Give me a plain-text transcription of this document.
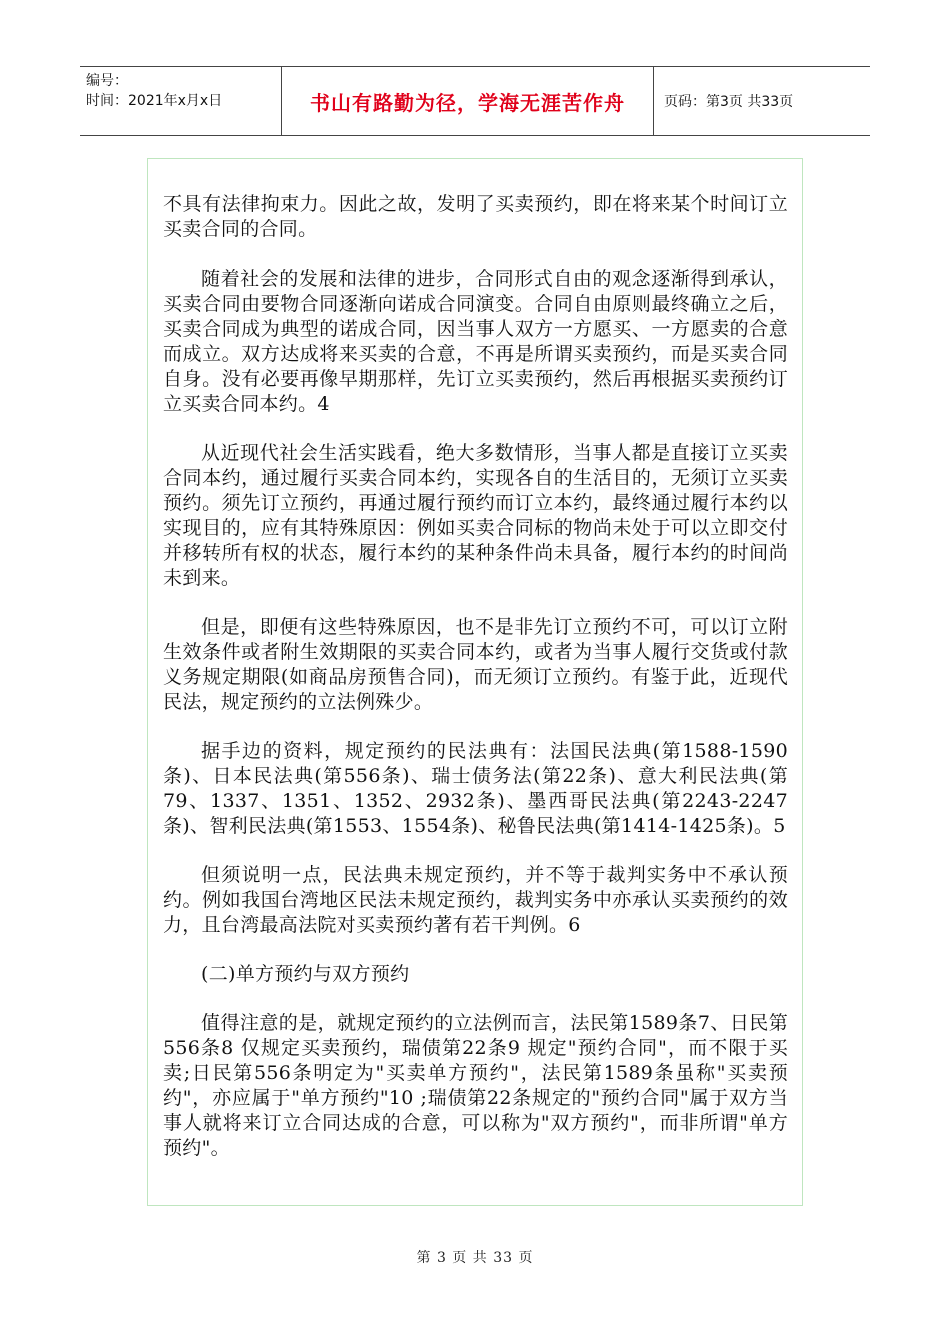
编号：
时间：2021年x月x日	书山有路勤为径，学海无涯苦作舟	页码：第3页 共33页

不具有法律拘束力。因此之故，发明了买卖预约，即在将来某个时间订立买卖合同的合同。

随着社会的发展和法律的进步，合同形式自由的观念逐渐得到承认，买卖合同由要物合同逐渐向诺成合同演变。合同自由原则最终确立之后，买卖合同成为典型的诺成合同，因当事人双方一方愿买、一方愿卖的合意而成立。双方达成将来买卖的合意，不再是所谓买卖预约，而是买卖合同自身。没有必要再像早期那样，先订立买卖预约，然后再根据买卖预约订立买卖合同本约。4

从近现代社会生活实践看，绝大多数情形，当事人都是直接订立买卖合同本约，通过履行买卖合同本约，实现各自的生活目的，无须订立买卖预约。须先订立预约，再通过履行预约而订立本约，最终通过履行本约以实现目的，应有其特殊原因：例如买卖合同标的物尚未处于可以立即交付并移转所有权的状态，履行本约的某种条件尚未具备，履行本约的时间尚未到来。

但是，即便有这些特殊原因，也不是非先订立预约不可，可以订立附生效条件或者附生效期限的买卖合同本约，或者为当事人履行交货或付款义务规定期限(如商品房预售合同)，而无须订立预约。有鉴于此，近现代民法，规定预约的立法例殊少。

据手边的资料，规定预约的民法典有：法国民法典(第1588-1590条)、日本民法典(第556条)、瑞士债务法(第22条)、意大利民法典(第79、1337、1351、1352、2932条)、墨西哥民法典(第2243-2247条)、智利民法典(第1553、1554条)、秘鲁民法典(第1414-1425条)。5

但须说明一点，民法典未规定预约，并不等于裁判实务中不承认预约。例如我国台湾地区民法未规定预约，裁判实务中亦承认买卖预约的效力，且台湾最高法院对买卖预约著有若干判例。6

(二)单方预约与双方预约

值得注意的是，就规定预约的立法例而言，法民第1589条7、日民第556条8 仅规定买卖预约，瑞债第22条9 规定"预约合同"，而不限于买卖;日民第556条明定为"买卖单方预约"，法民第1589条虽称"买卖预约"，亦应属于"单方预约"10 ;瑞债第22条规定的"预约合同"属于双方当事人就将来订立合同达成的合意，可以称为"双方预约"，而非所谓"单方预约"。

第 3 页 共 33 页
